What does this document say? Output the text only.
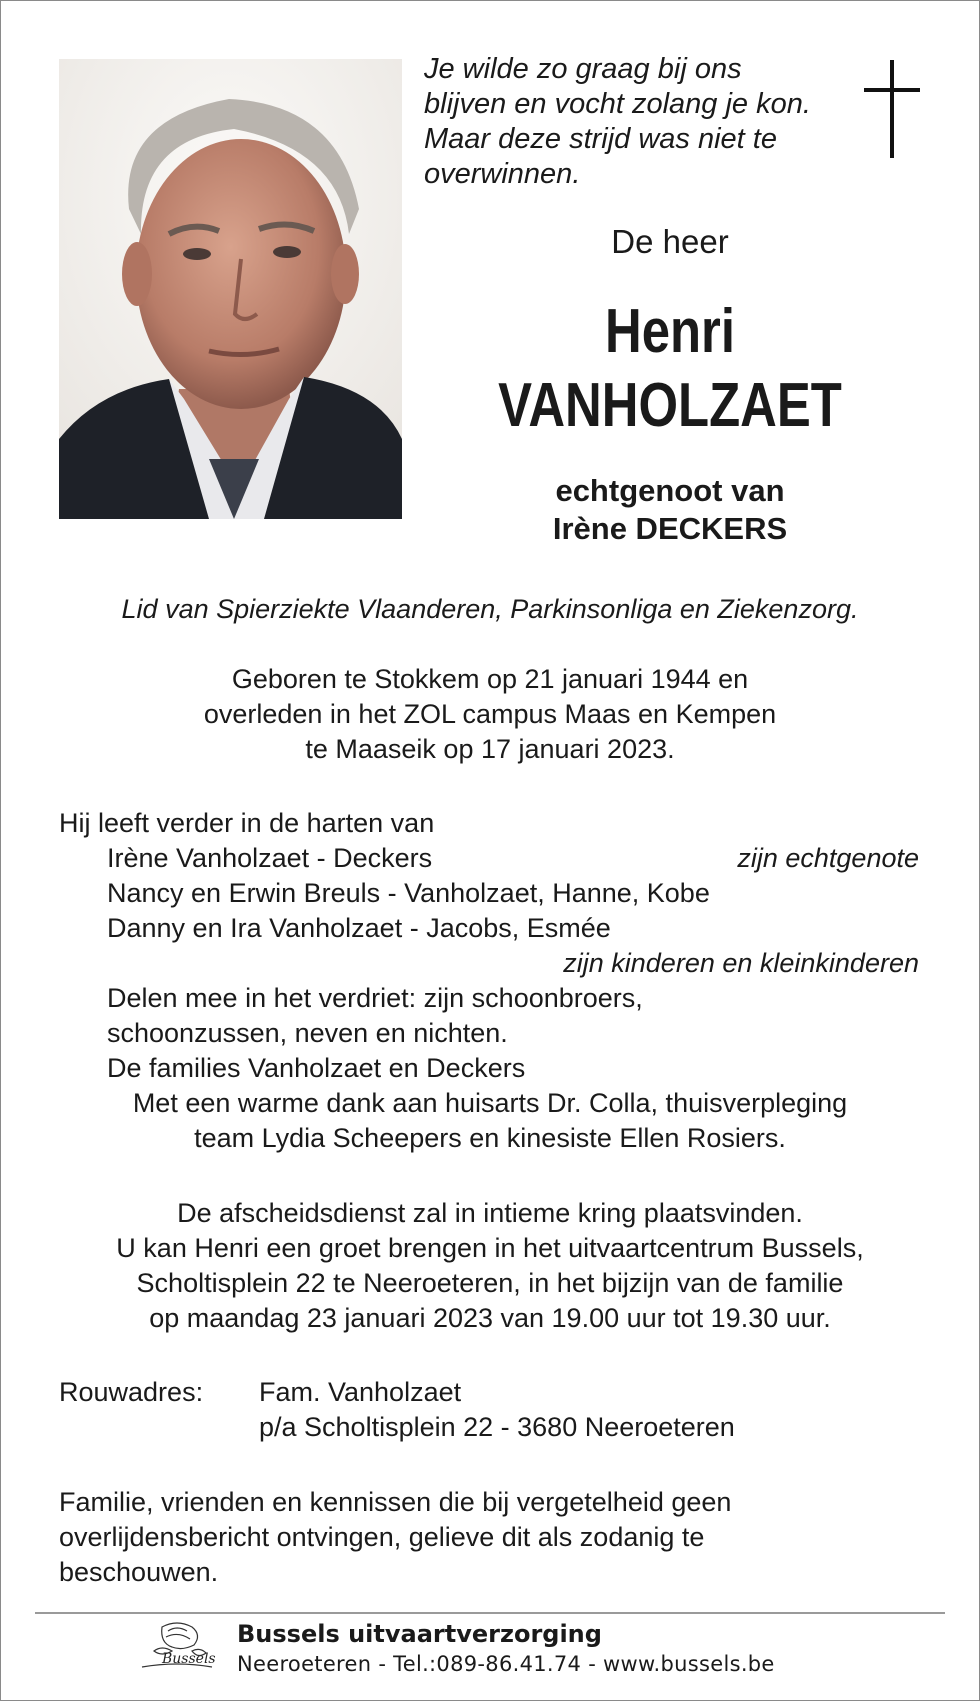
Je wilde zo graag bij ons
blijven en vocht zolang je kon.
Maar deze strijd was niet te
overwinnen.
De heer
Henri
VANHOLZAET
echtgenoot van
Irène DECKERS
Lid van Spierziekte Vlaanderen, Parkinsonliga en Ziekenzorg.
Geboren te Stokkem op 21 januari 1944 en
overleden in het ZOL campus Maas en Kempen
te Maaseik op 17 januari 2023.
Hij leeft verder in de harten van
Irène Vanholzaet - Deckers	zijn echtgenote
Nancy en Erwin Breuls - Vanholzaet, Hanne, Kobe
Danny en Ira Vanholzaet - Jacobs, Esmée
zijn kinderen en kleinkinderen
Delen mee in het verdriet: zijn schoonbroers,
schoonzussen, neven en nichten.
De families Vanholzaet en Deckers
Met een warme dank aan huisarts Dr. Colla, thuisverpleging
team Lydia Scheepers en kinesiste Ellen Rosiers.
De afscheidsdienst zal in intieme kring plaatsvinden.
U kan Henri een groet brengen in het uitvaartcentrum Bussels,
Scholtisplein 22 te Neeroeteren, in het bijzijn van de familie
op maandag 23 januari 2023 van 19.00 uur tot 19.30 uur.
Rouwadres: Fam. Vanholzaet
p/a Scholtisplein 22 - 3680 Neeroeteren
Familie, vrienden en kennissen die bij vergetelheid geen
overlijdensbericht ontvingen, gelieve dit als zodanig te
beschouwen.
Bussels
Bussels uitvaartverzorging
Neeroeteren - Tel.:089-86.41.74 - www.bussels.be
